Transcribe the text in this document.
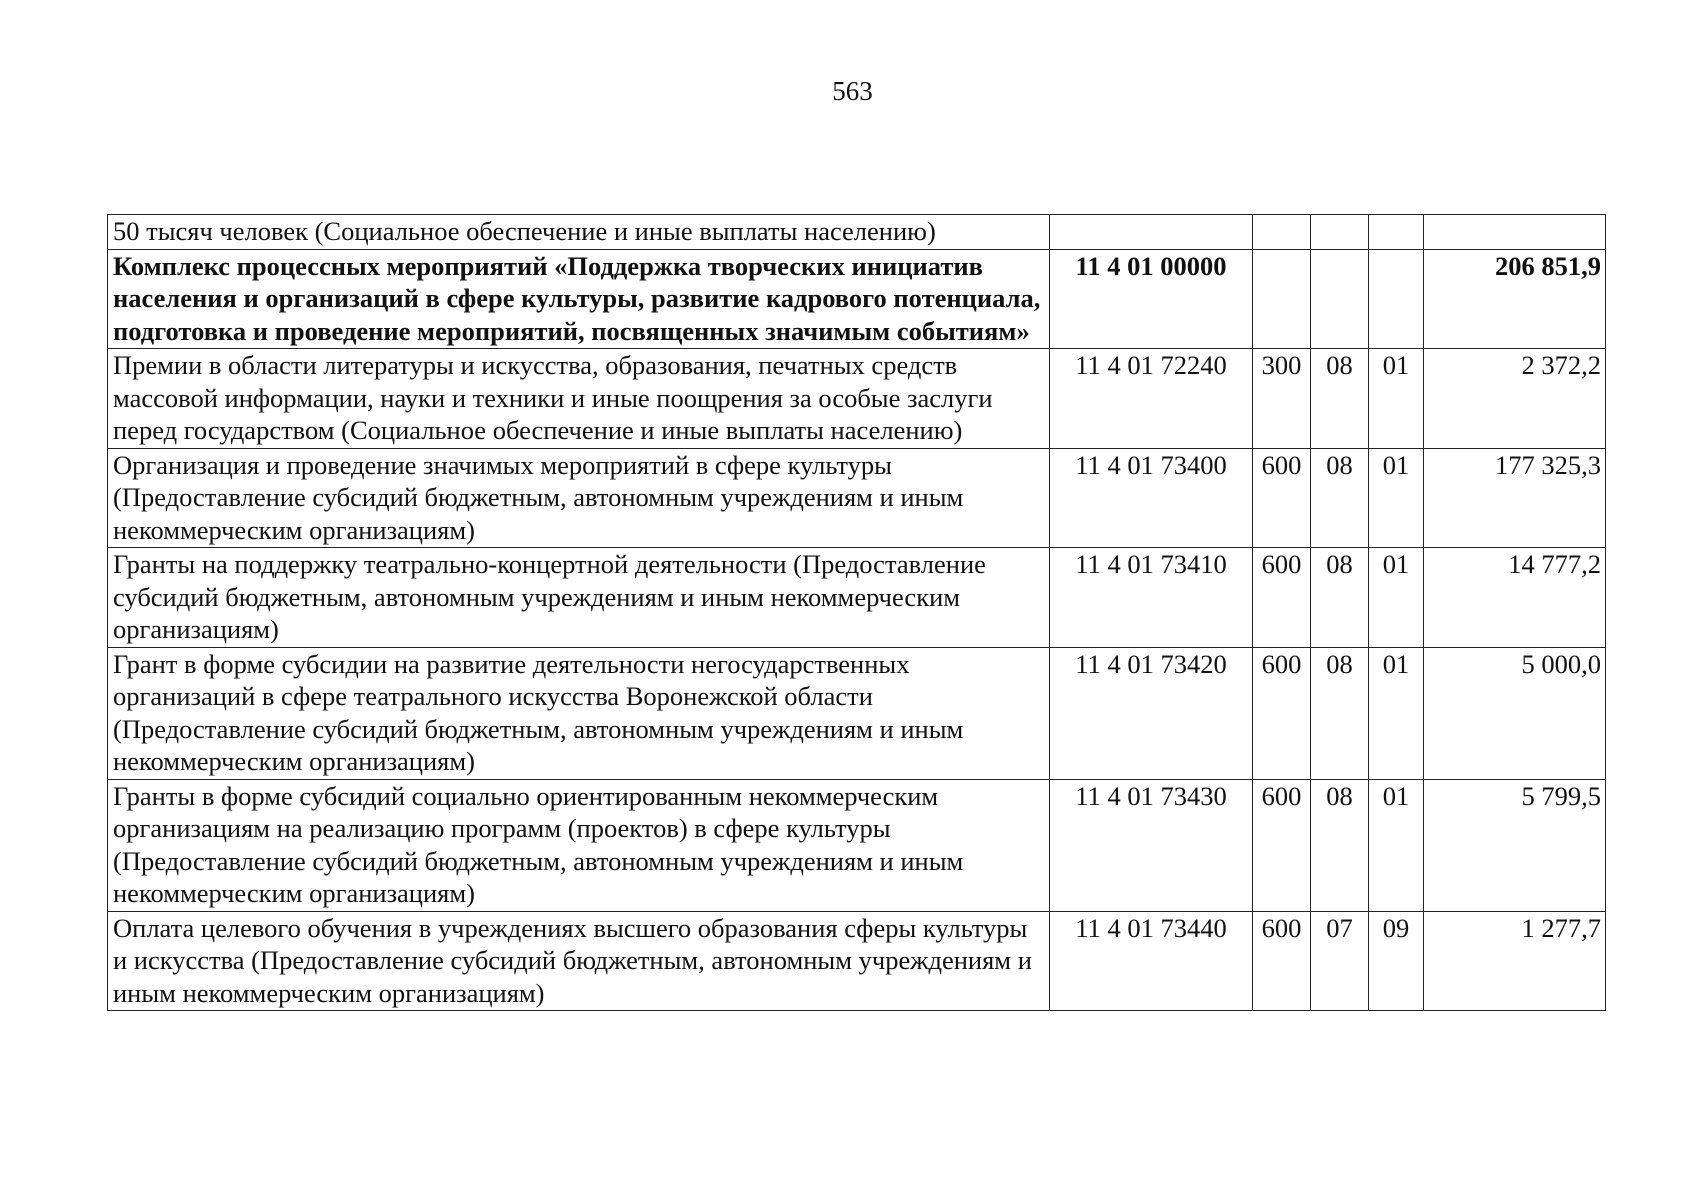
563
50 тысяч человек (Социальное обеспечение и иные выплаты населению)					
Комплекс процессных мероприятий «Поддержка творческих инициатив населения и организаций в сфере культуры, развитие кадрового потенциала, подготовка и проведение мероприятий, посвященных значимым событиям»	11 4 01 00000				206 851,9
Премии в области литературы и искусства, образования, печатных средств массовой информации, науки и техники и иные поощрения за особые заслуги перед государством (Социальное обеспечение и иные выплаты населению)	11 4 01 72240	300	08	01	2 372,2
Организация и проведение значимых мероприятий в сфере культуры (Предоставление субсидий бюджетным, автономным учреждениям и иным некоммерческим организациям)	11 4 01 73400	600	08	01	177 325,3
Гранты на поддержку театрально-концертной деятельности (Предоставление субсидий бюджетным, автономным учреждениям и иным некоммерческим организациям)	11 4 01 73410	600	08	01	14 777,2
Грант в форме субсидии на развитие деятельности негосударственных организаций в сфере театрального искусства Воронежской области (Предоставление субсидий бюджетным, автономным учреждениям и иным некоммерческим организациям)	11 4 01 73420	600	08	01	5 000,0
Гранты в форме субсидий социально ориентированным некоммерческим организациям на реализацию программ (проектов) в сфере культуры (Предоставление субсидий бюджетным, автономным учреждениям и иным некоммерческим организациям)	11 4 01 73430	600	08	01	5 799,5
Оплата целевого обучения в учреждениях высшего образования сферы культуры и искусства (Предоставление субсидий бюджетным, автономным учреждениям и иным некоммерческим организациям)	11 4 01 73440	600	07	09	1 277,7
